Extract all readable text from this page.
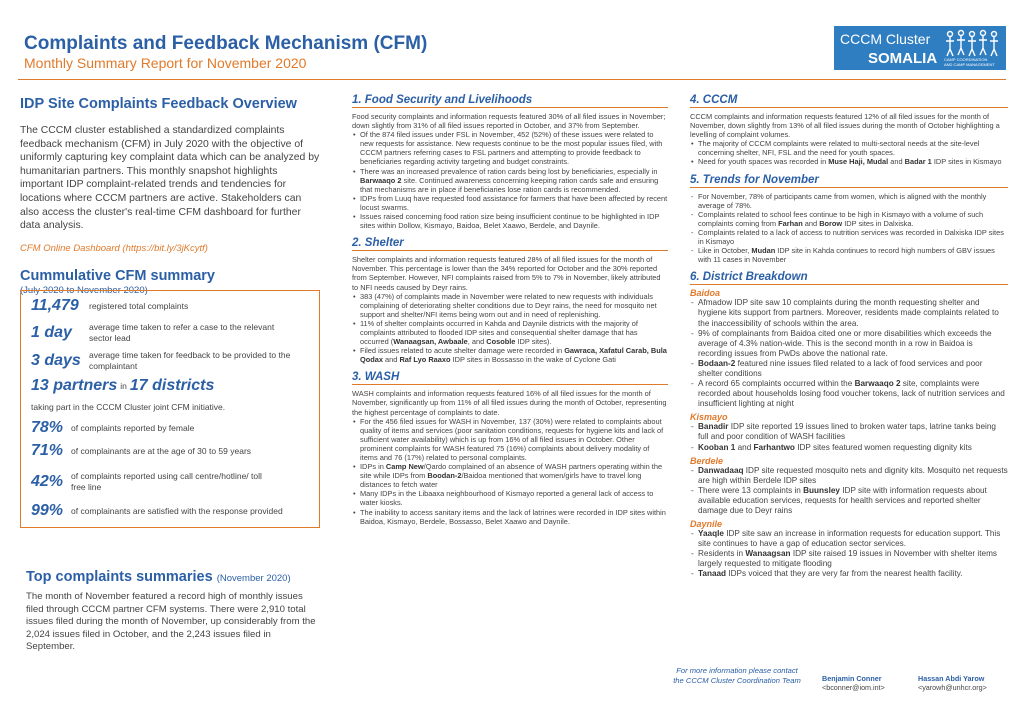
Complaints and Feedback Mechanism (CFM)
Monthly Summary Report for November 2020
CCCM Cluster
SOMALIA CAMP COORDINATION
AND CAMP MANAGEMENT
IDP Site Complaints Feedback Overview
The CCCM cluster established a standardized complaints feedback mechanism (CFM) in July 2020 with the objective of uniformly capturing key complaint data which can be analyzed by humanitarian partners. This monthly snapshot highlights important IDP complaint-related trends and tendencies for locations where CCCM partners are active. Stakeholders can also access the cluster's real-time CFM dashboard for further data analysis.
CFM Online Dashboard (https://bit.ly/3jKcytf)
Cummulative CFM summary
(July 2020 to November 2020)
11,479	registered total complaints
1 day	average time taken to refer a case to the relevant sector lead
3 days average time taken for feedback to be provided to the complaintant
13 partners in 17 districts
taking part in the CCCM Cluster joint CFM initiative.
78% of complaints reported by female
71% of complainants are at the age of 30 to 59 years
42% of complaints reported using call centre/hotline/ toll free line
99% of complainants are satisfied with the response provided
Top complaints summaries (November 2020)
The month of November featured a record high of monthly issues filed through CCCM partner CFM systems. There were 2,910 total issues filed during the month of November, up considerably from the 2,024 issues filed in October, and the 2,243 issues filed in September.
1. Food Security and Livelihoods
Food security complaints and information requests featured 30% of all filed issues in November; down slightly from 31% of all filed issues reported in October, and 37% from September.
• Of the 874 filed issues under FSL in November, 452 (52%) of these issues were related to new requests for assistance. New requests continue to be the most popular issues filed, with CCCM partners referring cases to FSL partners and attempting to provide feedback to beneficiaries regarding activity targeting and budget constraints.
• There was an increased prevalence of ration cards being lost by beneficiaries, especially in Barwaaqo 2 site. Continued awareness concerning keeping ration cards safe and ensuring that mechanisms are in place if beneficiaries lose ration cards is recommended.
• IDPs from Luuq have requested food assistance for farmers that have been affected by recent locust swarms.
• Issues raised concerning food ration size being insufficient continue to be highlighted in IDP sites within Dollow, Kismayo, Baidoa, Belet Xaawo, Berdele, and Daynile.
2. Shelter
Shelter complaints and information requests featured 28% of all filed issues for the month of November. This percentage is lower than the 34% reported for October and the 30% reported from September. However, NFI complaints raised from 5% to 7% in November, likely attributed to NFI needs caused by Deyr rains.
• 383 (47%) of complaints made in November were related to new requests with individuals complaining of deteriorating shelter conditions due to Deyr rains, the need for mosquito net support and shelter/NFI items being worn out and in need of replenishing.
• 11% of shelter complaints occurred in Kahda and Daynile districts with the majority of complaints attributed to flooded IDP sites and consequential shelter damage that has occurred (Wanaagsan, Awbaale, and Cosoble IDP sites).
• Filed issues related to acute shelter damage were recorded in Gawraca, Xafatul Carab, Bula Qodax and Raf Lyo Raaxo IDP sites in Bossasso in the wake of Cyclone Gati
3. WASH
WASH complaints and information requests featured 16% of all filed issues for the month of November, significantly up from 11% of all filed issues during the month of October, representing the highest percentage of complaints to date.
• For the 456 filed issues for WASH in November, 137 (30%) were related to complaints about quality of items and services (poor sanitation conditions, requests for hygiene kits and lack of sufficient water availability) which is up from 16% of all filed issues in October. Other prominent complaints for WASH featured 75 (16%) complaints about delivery modality of items and 76 (17%) related to personal complaints.
• IDPs in Camp New/Qardo complained of an absence of WASH partners operating within the site while IDPs from Boodan-2/Baidoa mentioned that women/girls have to travel long distances to fetch water
• Many IDPs in the Libaaxa neighbourhood of Kismayo reported a general lack of access to water kiosks.
• The inability to access sanitary items and the lack of latrines were recorded in IDP sites within Baidoa, Kismayo, Berdele, Bossasso, Belet Xaawo and Daynile.
4. CCCM
CCCM complaints and information requests featured 12% of all filed issues for the month of November, down slightly from 13% of all filed issues during the month of October highlighting a levelling of complaint volumes.
• The majority of CCCM complaints were related to multi-sectoral needs at the site-level concerning shelter, NFI, FSL and the need for youth spaces.
• Need for youth spaces was recorded in Muse Haji, Mudal and Badar 1 IDP sites in Kismayo
5. Trends for November
- For November, 78% of participants came from women, which is aligned with the monthly average of 78%.
- Complaints related to school fees continue to be high in Kismayo with a volume of such complaints coming from Farhan and Borow IDP sites in Dalxiska.
- Complaints related to a lack of access to nutrition services was recorded in Dalxiska IDP sites in Kismayo
- Like in October, Mudan IDP site in Kahda continues to record high numbers of GBV issues with 11 cases in November
6. District Breakdown
Baidoa
- Afmadow IDP site saw 10 complaints during the month requesting shelter and hygiene kits support from partners. Moreover, residents made complaints related to the inaccessibility of schools within the area.
- 9% of complainants from Baidoa cited one or more disabilities which exceeds the average of 4.3% nation-wide. This is the second month in a row in Baidoa is recording issues from PwDs above the national rate.
- Bodaan-2 featured nine issues filed related to a lack of food services and poor shelter conditions
- A record 65 complaints occurred within the Barwaaqo 2 site, complaints were recorded about households losing food voucher tokens, lack of nutrition services and insufficient lighting at night
Kismayo
- Banadir IDP site reported 19 issues lined to broken water taps, latrine tanks being full and poor condition of WASH facilities
- Kooban 1 and Farhantwo IDP sites featured women requesting dignity kits
Berdele
- Danwadaaq IDP site requested mosquito nets and dignity kits. Mosquito net requests are high within Berdele IDP sites
- There were 13 complaints in Buunsley IDP site with information requests about available education services, requests for health services and reported shelter damage due to Deyr rains
Daynile
- Yaaqle IDP site saw an increase in information requests for education support. This site continues to have a gap of education sector services.
- Residents in Wanaagsan IDP site raised 19 issues in November with shelter items largely requested to mitigate flooding
- Tanaad IDPs voiced that they are very far from the nearest health facility.
For more information please contact the CCCM Cluster Coordination Team	Benjamin Conner
<bconner@iom.int>
Hassan Abdi Yarow
<yarowh@unhcr.org>
